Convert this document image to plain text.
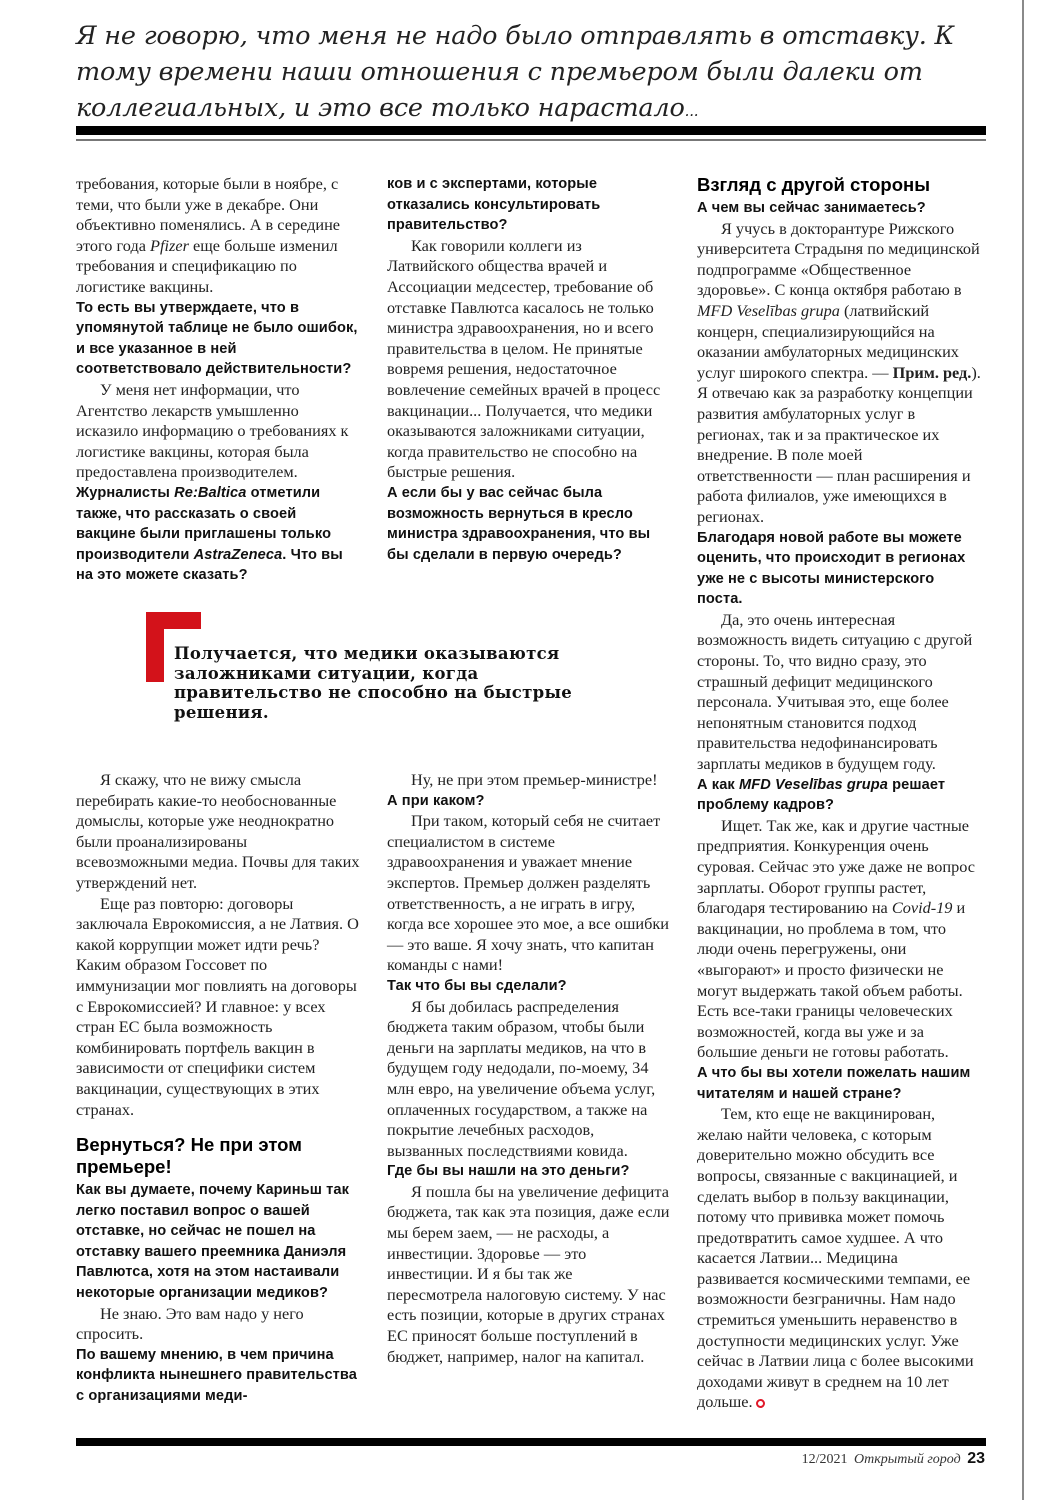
Я не говорю, что меня не надо было отправлять в отставку. К тому времени наши отношения с премьером были далеки от коллегиальных, и это все только нарастало...

требования, которые были в ноябре, с теми, что были уже в декабре. Они объективно поменялись. А в середине этого года Pfizer еще больше изменил требования и спецификацию по логистике вакцины.

То есть вы утверждаете, что в упомянутой таблице не было ошибок, и все указанное в ней соответствовало действительности?

У меня нет информации, что Агентство лекарств умышленно исказило информацию о требованиях к логистике вакцины, которая была предоставлена производителем.

Журналисты Re:Baltica отметили также, что рассказать о своей вакцине были приглашены только производители AstraZeneca. Что вы на это можете сказать?

ков и с экспертами, которые отказались консультировать правительство?

Как говорили коллеги из Латвийского общества врачей и Ассоциации медсестер, требование об отставке Павлютса касалось не только министра здравоохранения, но и всего правительства в целом. Не принятые вовремя решения, недостаточное вовлечение семейных врачей в процесс вакцинации... Получается, что медики оказываются заложниками ситуации, когда правительство не способно на быстрые решения.

А если бы у вас сейчас была возможность вернуться в кресло министра здравоохранения, что вы бы сделали в первую очередь?

Взгляд с другой стороны

А чем вы сейчас занимаетесь?

Я учусь в докторантуре Рижского университета Страдыня по медицинской подпрограмме «Общественное здоровье». С конца октября работаю в MFD Veselības grupa (латвийский концерн, специализирующийся на оказании амбулаторных медицинских услуг широкого спектра. — Прим. ред.). Я отвечаю как за разработку концепции развития амбулаторных услуг в регионах, так и за практическое их внедрение. В поле моей ответственности — план расширения и работа филиалов, уже имеющихся в регионах.

Благодаря новой работе вы можете оценить, что происходит в регионах уже не с высоты министерского поста.

Да, это очень интересная возможность видеть ситуацию с другой стороны. То, что видно сразу, это страшный дефицит медицинского персонала. Учитывая это, еще более непонятным становится подход правительства недофинансировать зарплаты медиков в будущем году.

А как MFD Veselības grupa решает проблему кадров?

Ищет. Так же, как и другие частные предприятия. Конкуренция очень суровая. Сейчас это уже даже не вопрос зарплаты. Оборот группы растет, благодаря тестированию на Covid-19 и вакцинации, но проблема в том, что люди очень перегружены, они «выгорают» и просто физически не могут выдержать такой объем работы. Есть все-таки границы человеческих возможностей, когда вы уже и за большие деньги не готовы работать.

А что бы вы хотели пожелать нашим читателям и нашей стране?

Тем, кто еще не вакцинирован, желаю найти человека, с которым доверительно можно обсудить все вопросы, связанные с вакцинацией, и сделать выбор в пользу вакцинации, потому что прививка может помочь предотвратить самое худшее. А что касается Латвии... Медицина развивается космическими темпами, ее возможности безграничны. Нам надо стремиться уменьшить неравенство в доступности медицинских услуг. Уже сейчас в Латвии лица с более высокими доходами живут в среднем на 10 лет дольше.

Получается, что медики оказываются заложниками ситуации, когда правительство не способно на быстрые решения.

Я скажу, что не вижу смысла перебирать какие-то необоснованные домыслы, которые уже неоднократно были проанализированы всевозможными медиа. Почвы для таких утверждений нет.

Еще раз повторю: договоры заключала Еврокомиссия, а не Латвия. О какой коррупции может идти речь? Каким образом Госсовет по иммунизации мог повлиять на договоры с Еврокомиссией? И главное: у всех стран ЕС была возможность комбинировать портфель вакцин в зависимости от специфики систем вакцинации, существующих в этих странах.

Вернуться? Не при этом премьере!

Как вы думаете, почему Кариньш так легко поставил вопрос о вашей отставке, но сейчас не пошел на отставку вашего преемника Даниэля Павлютса, хотя на этом настаивали некоторые организации медиков?

Не знаю. Это вам надо у него спросить.

По вашему мнению, в чем причина конфликта нынешнего правительства с организациями меди-

Ну, не при этом премьер-министре!

А при каком?

При таком, который себя не считает специалистом в системе здравоохранения и уважает мнение экспертов. Премьер должен разделять ответственность, а не играть в игру, когда все хорошее это мое, а все ошибки — это ваше. Я хочу знать, что капитан команды с нами!

Так что бы вы сделали?

Я бы добилась распределения бюджета таким образом, чтобы были деньги на зарплаты медиков, на что в будущем году недодали, по-моему, 34 млн евро, на увеличение объема услуг, оплаченных государством, а также на покрытие лечебных расходов, вызванных последствиями ковида.

Где бы вы нашли на это деньги?

Я пошла бы на увеличение дефицита бюджета, так как эта позиция, даже если мы берем заем, — не расходы, а инвестиции. Здоровье — это инвестиции. И я бы так же пересмотрела налоговую систему. У нас есть позиции, которые в других странах ЕС приносят больше поступлений в бюджет, например, налог на капитал.

12/2021 Открытый город 23
